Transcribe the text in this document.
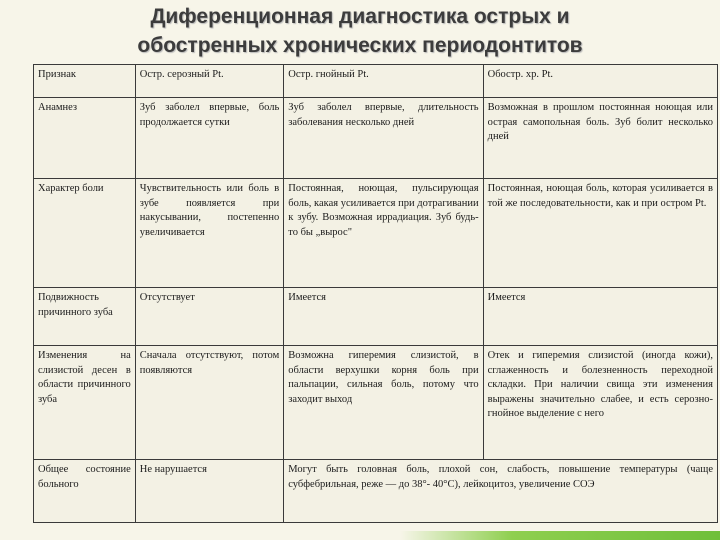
Диференционная диагностика острых и
обостренных хронических периодонтитов
Признак	Остр. серозный Pt.	Остр. гнойный Pt.	Обостр. хр. Pt.
Анамнез	Зуб заболел впервые, боль продолжается сутки	Зуб заболел впервые, длительность заболевания несколько дней	Возможная в прошлом постоянная ноющая или острая самопольная боль. Зуб болит несколько дней
Характер боли	Чувствительность или боль в зубе появляется при накусывании, постепенно увеличивается	Постоянная, ноющая, пульсирующая боль, какая усиливается при дотрагивании к зубу. Возможная иррадиация. Зуб будь-то бы „вырос"	Постоянная, ноющая боль, которая усиливается в той же последовательности, как и при остром Pt.
Подвижность причинного зуба	Отсутствует	Имеется	Имеется
Изменения на слизистой десен в области причинного зуба	Сначала отсутствуют, потом появляются	Возможна гиперемия слизистой, в области верхушки корня боль при пальпации, сильная боль, потому что заходит выход	Отек и гиперемия слизистой (иногда кожи), сглаженность и болезненность переходной складки. При наличии свища эти изменения выражены значительно слабее, и есть серозно-гнойное выделение с него
Общее состояние больного	Не нарушается	Могут быть головная боль, плохой сон, слабость, повышение температуры (чаще субфебрильная, реже — до 38°- 40°С), лейкоцитоз, увеличение СОЭ	
